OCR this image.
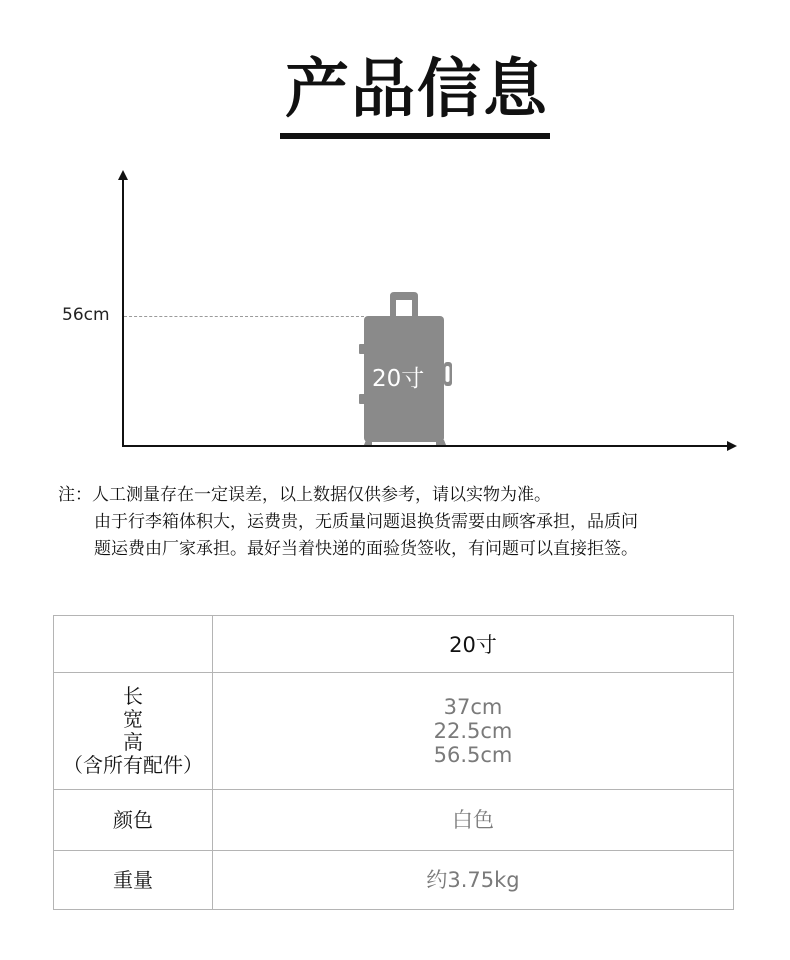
产品信息
56cm
20寸
注：人工测量存在一定误差，以上数据仅供参考，请以实物为准。
由于行李箱体积大，运费贵，无质量问题退换货需要由顾客承担，品质问
题运费由厂家承担。最好当着快递的面验货签收，有问题可以直接拒签。
	20寸

长
宽
高
（含所有配件）	37cm
22.5cm
56.5cm

颜色	白色
重量	约3.75kg
